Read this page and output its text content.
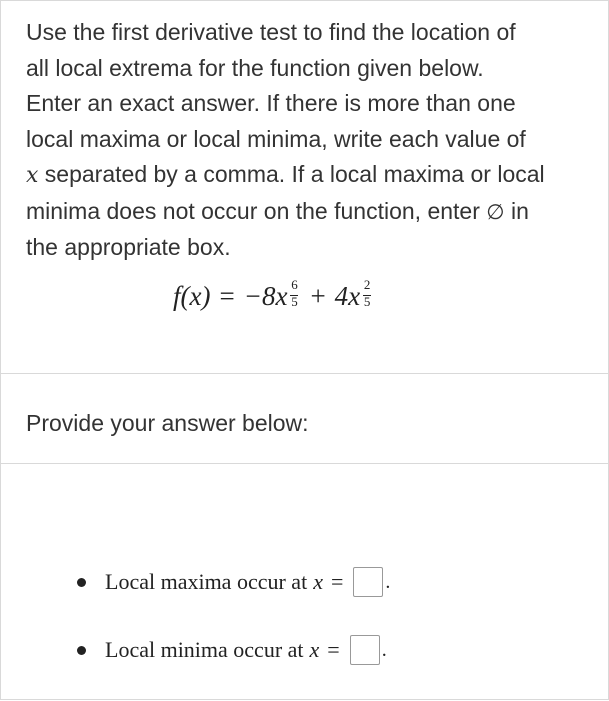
Use the first derivative test to find the location of
all local extrema for the function given below.
Enter an exact answer. If there is more than one
local maxima or local minima, write each value of
x separated by a comma. If a local maxima or local
minima does not occur on the function, enter ∅ in
the appropriate box.
$f(x) = -8x \frac{6}{5} + 4x \frac{2}{5}$
Provide your answer below:
Local maxima occur at x = .
Local minima occur at x = .
